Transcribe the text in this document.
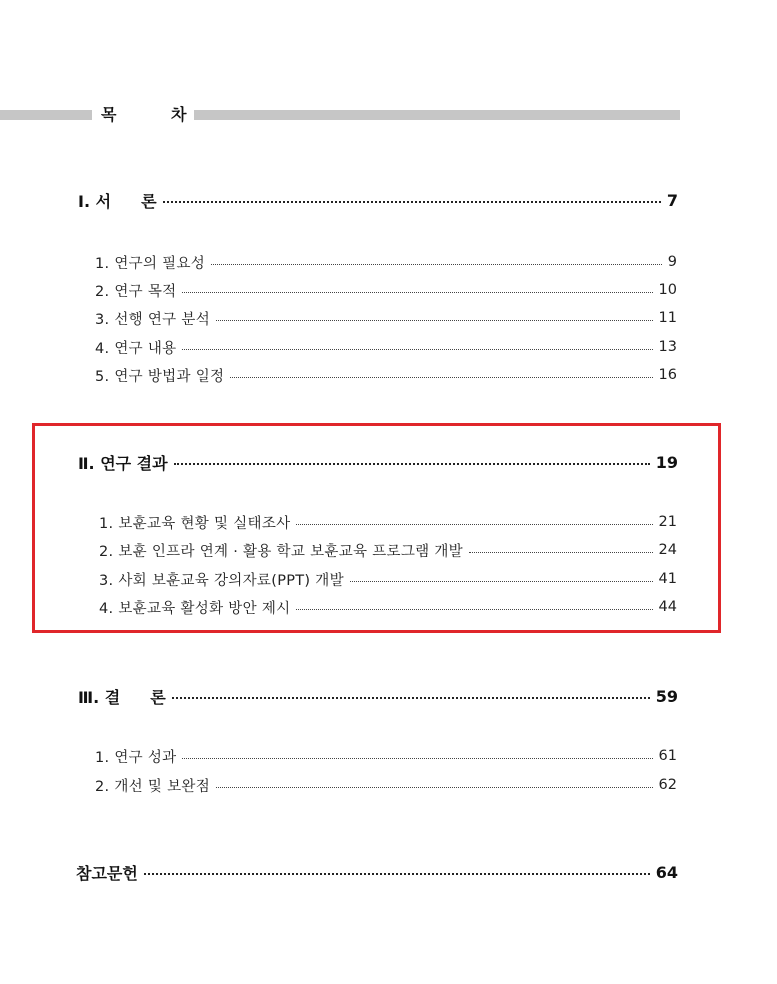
목	차
Ⅰ. 서 론	7
1. 연구의 필요성	9
2. 연구 목적	10
3. 선행 연구 분석	11
4. 연구 내용	13
5. 연구 방법과 일정	16
Ⅱ. 연구 결과	19
1. 보훈교육 현황 및 실태조사	21
2. 보훈 인프라 연계 · 활용 학교 보훈교육 프로그램 개발	24
3. 사회 보훈교육 강의자료(PPT) 개발	41
4. 보훈교육 활성화 방안 제시	44
Ⅲ. 결 론	59
1. 연구 성과	61
2. 개선 및 보완점	62
참고문헌	64
